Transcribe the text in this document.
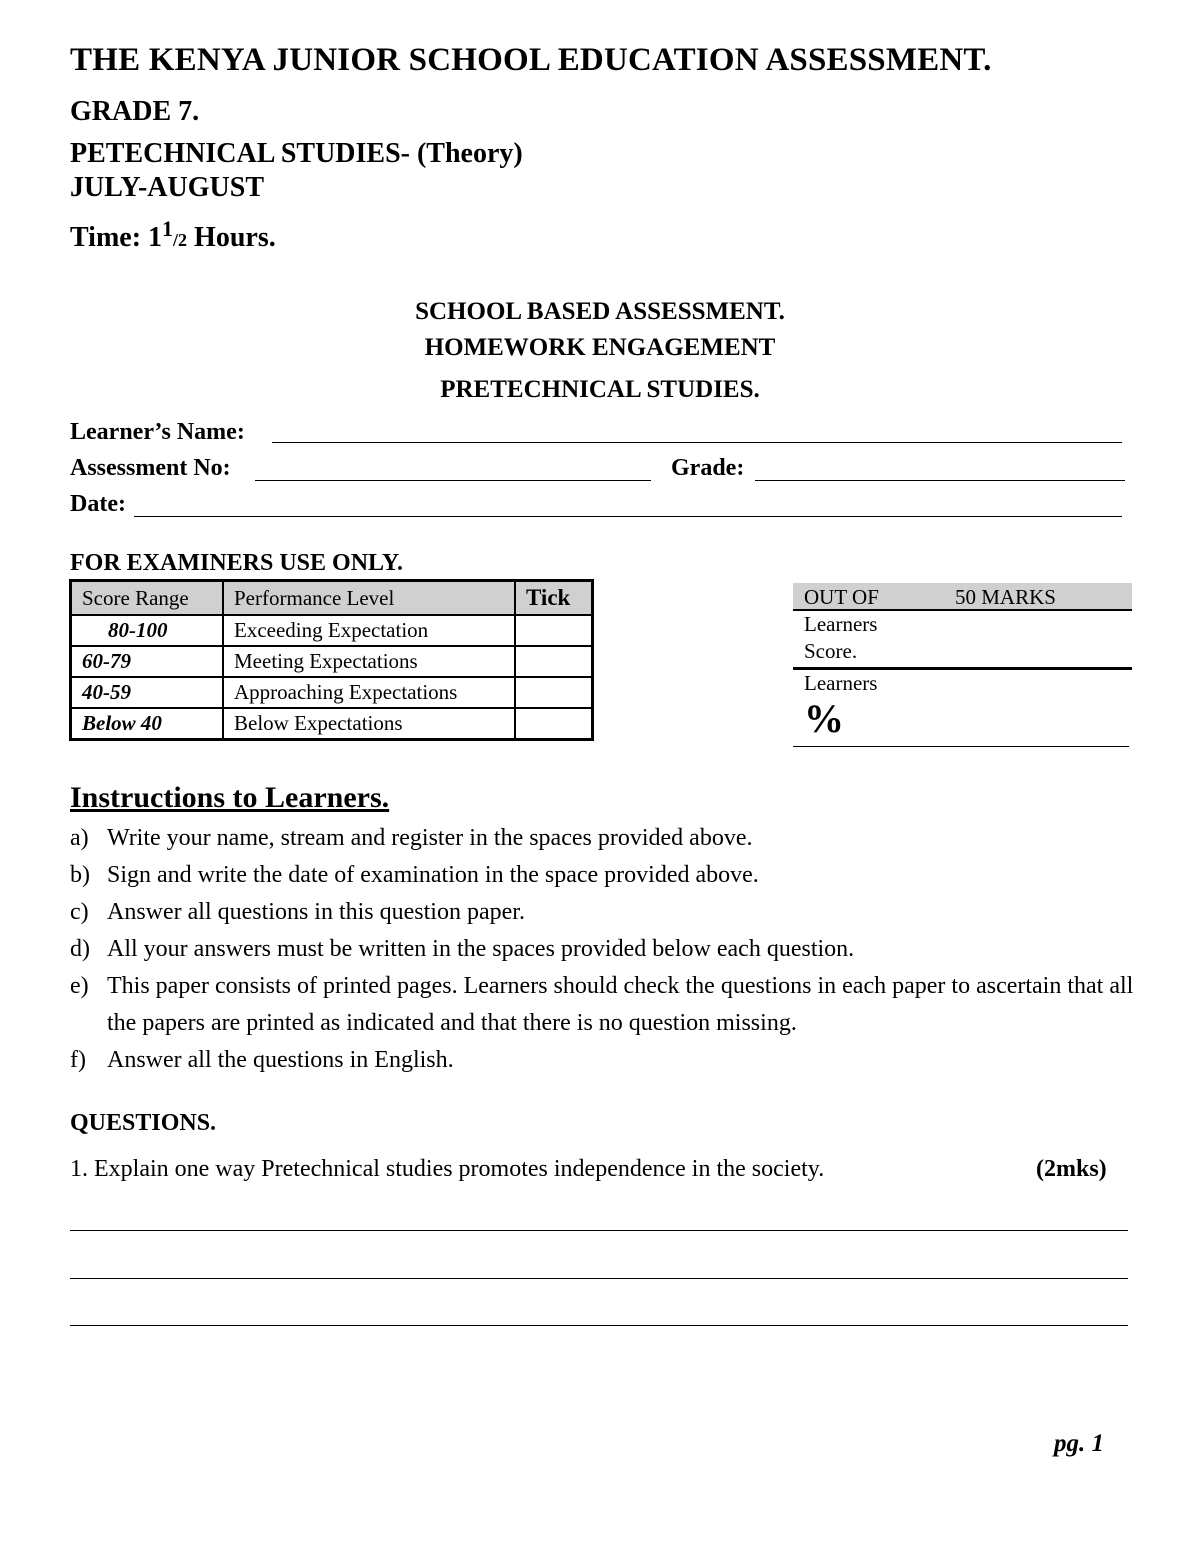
THE KENYA JUNIOR SCHOOL EDUCATION ASSESSMENT.
GRADE 7.
PETECHNICAL STUDIES- (Theory)
JULY-AUGUST
Time: $1^1/2$ Hours.
SCHOOL BASED ASSESSMENT.
HOMEWORK ENGAGEMENT
PRETECHNICAL STUDIES.
Learner’s Name:
Assessment No:	Grade:
Date:
FOR EXAMINERS USE ONLY.
Score Range	Performance Level	Tick
80-100	Exceeding Expectation	
60-79	Meeting Expectations	
40-59	Approaching Expectations	
Below 40	Below Expectations	
OUT OF	50 MARKS
Learners
Score.
Learners
%
Instructions to Learners.
a) Write your name, stream and register in the spaces provided above.
b) Sign and write the date of examination in the space provided above.
c) Answer all questions in this question paper.
d) All your answers must be written in the spaces provided below each question.
e) This paper consists of printed pages. Learners should check the questions in each paper to ascertain that all the papers are printed as indicated and that there is no question missing.
f) Answer all the questions in English.
QUESTIONS.
1. Explain one way Pretechnical studies promotes independence in the society.	(2mks)
pg. 1
